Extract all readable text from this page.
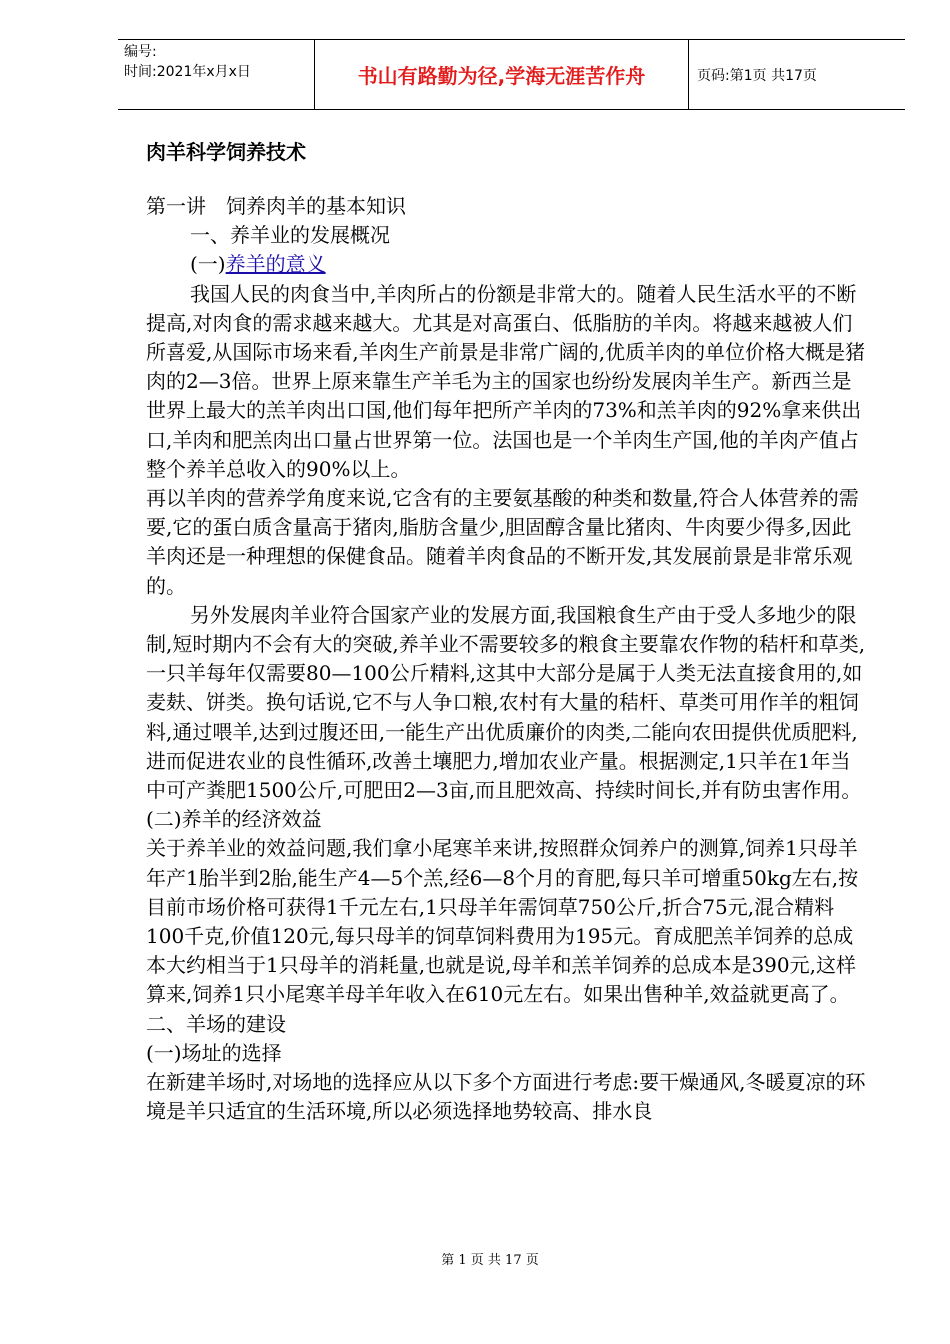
编号:
时间:2021年x月x日	书山有路勤为径,学海无涯苦作舟	页码:第1页 共17页
肉羊科学饲养技术

第一讲　饲养肉羊的基本知识

一、养羊业的发展概况

(一)养羊的意义

我国人民的肉食当中,羊肉所占的份额是非常大的。随着人民生活水平的不断提高,对肉食的需求越来越大。尤其是对高蛋白、低脂肪的羊肉。将越来越被人们所喜爱,从国际市场来看,羊肉生产前景是非常广阔的,优质羊肉的单位价格大概是猪肉的2—3倍。世界上原来靠生产羊毛为主的国家也纷纷发展肉羊生产。新西兰是世界上最大的羔羊肉出口国,他们每年把所产羊肉的73%和羔羊肉的92%拿来供出口,羊肉和肥羔肉出口量占世界第一位。法国也是一个羊肉生产国,他的羊肉产值占整个养羊总收入的90%以上。

再以羊肉的营养学角度来说,它含有的主要氨基酸的种类和数量,符合人体营养的需要,它的蛋白质含量高于猪肉,脂肪含量少,胆固醇含量比猪肉、牛肉要少得多,因此羊肉还是一种理想的保健食品。随着羊肉食品的不断开发,其发展前景是非常乐观的。

另外发展肉羊业符合国家产业的发展方面,我国粮食生产由于受人多地少的限制,短时期内不会有大的突破,养羊业不需要较多的粮食主要靠农作物的秸杆和草类,一只羊每年仅需要80—100公斤精料,这其中大部分是属于人类无法直接食用的,如麦麸、饼类。换句话说,它不与人争口粮,农村有大量的秸杆、草类可用作羊的粗饲料,通过喂羊,达到过腹还田,一能生产出优质廉价的肉类,二能向农田提供优质肥料,进而促进农业的良性循环,改善土壤肥力,增加农业产量。根据测定,1只羊在1年当中可产粪肥1500公斤,可肥田2—3亩,而且肥效高、持续时间长,并有防虫害作用。

(二)养羊的经济效益

关于养羊业的效益问题,我们拿小尾寒羊来讲,按照群众饲养户的测算,饲养1只母羊年产1胎半到2胎,能生产4—5个羔,经6—8个月的育肥,每只羊可增重50kg左右,按目前市场价格可获得1千元左右,1只母羊年需饲草750公斤,折合75元,混合精料100千克,价值120元,每只母羊的饲草饲料费用为195元。育成肥羔羊饲养的总成本大约相当于1只母羊的消耗量,也就是说,母羊和羔羊饲养的总成本是390元,这样算来,饲养1只小尾寒羊母羊年收入在610元左右。如果出售种羊,效益就更高了。

二、羊场的建设

(一)场址的选择

在新建羊场时,对场地的选择应从以下多个方面进行考虑:要干燥通风,冬暖夏凉的环境是羊只适宜的生活环境,所以必须选择地势较高、排水良

第 1 页 共 17 页
